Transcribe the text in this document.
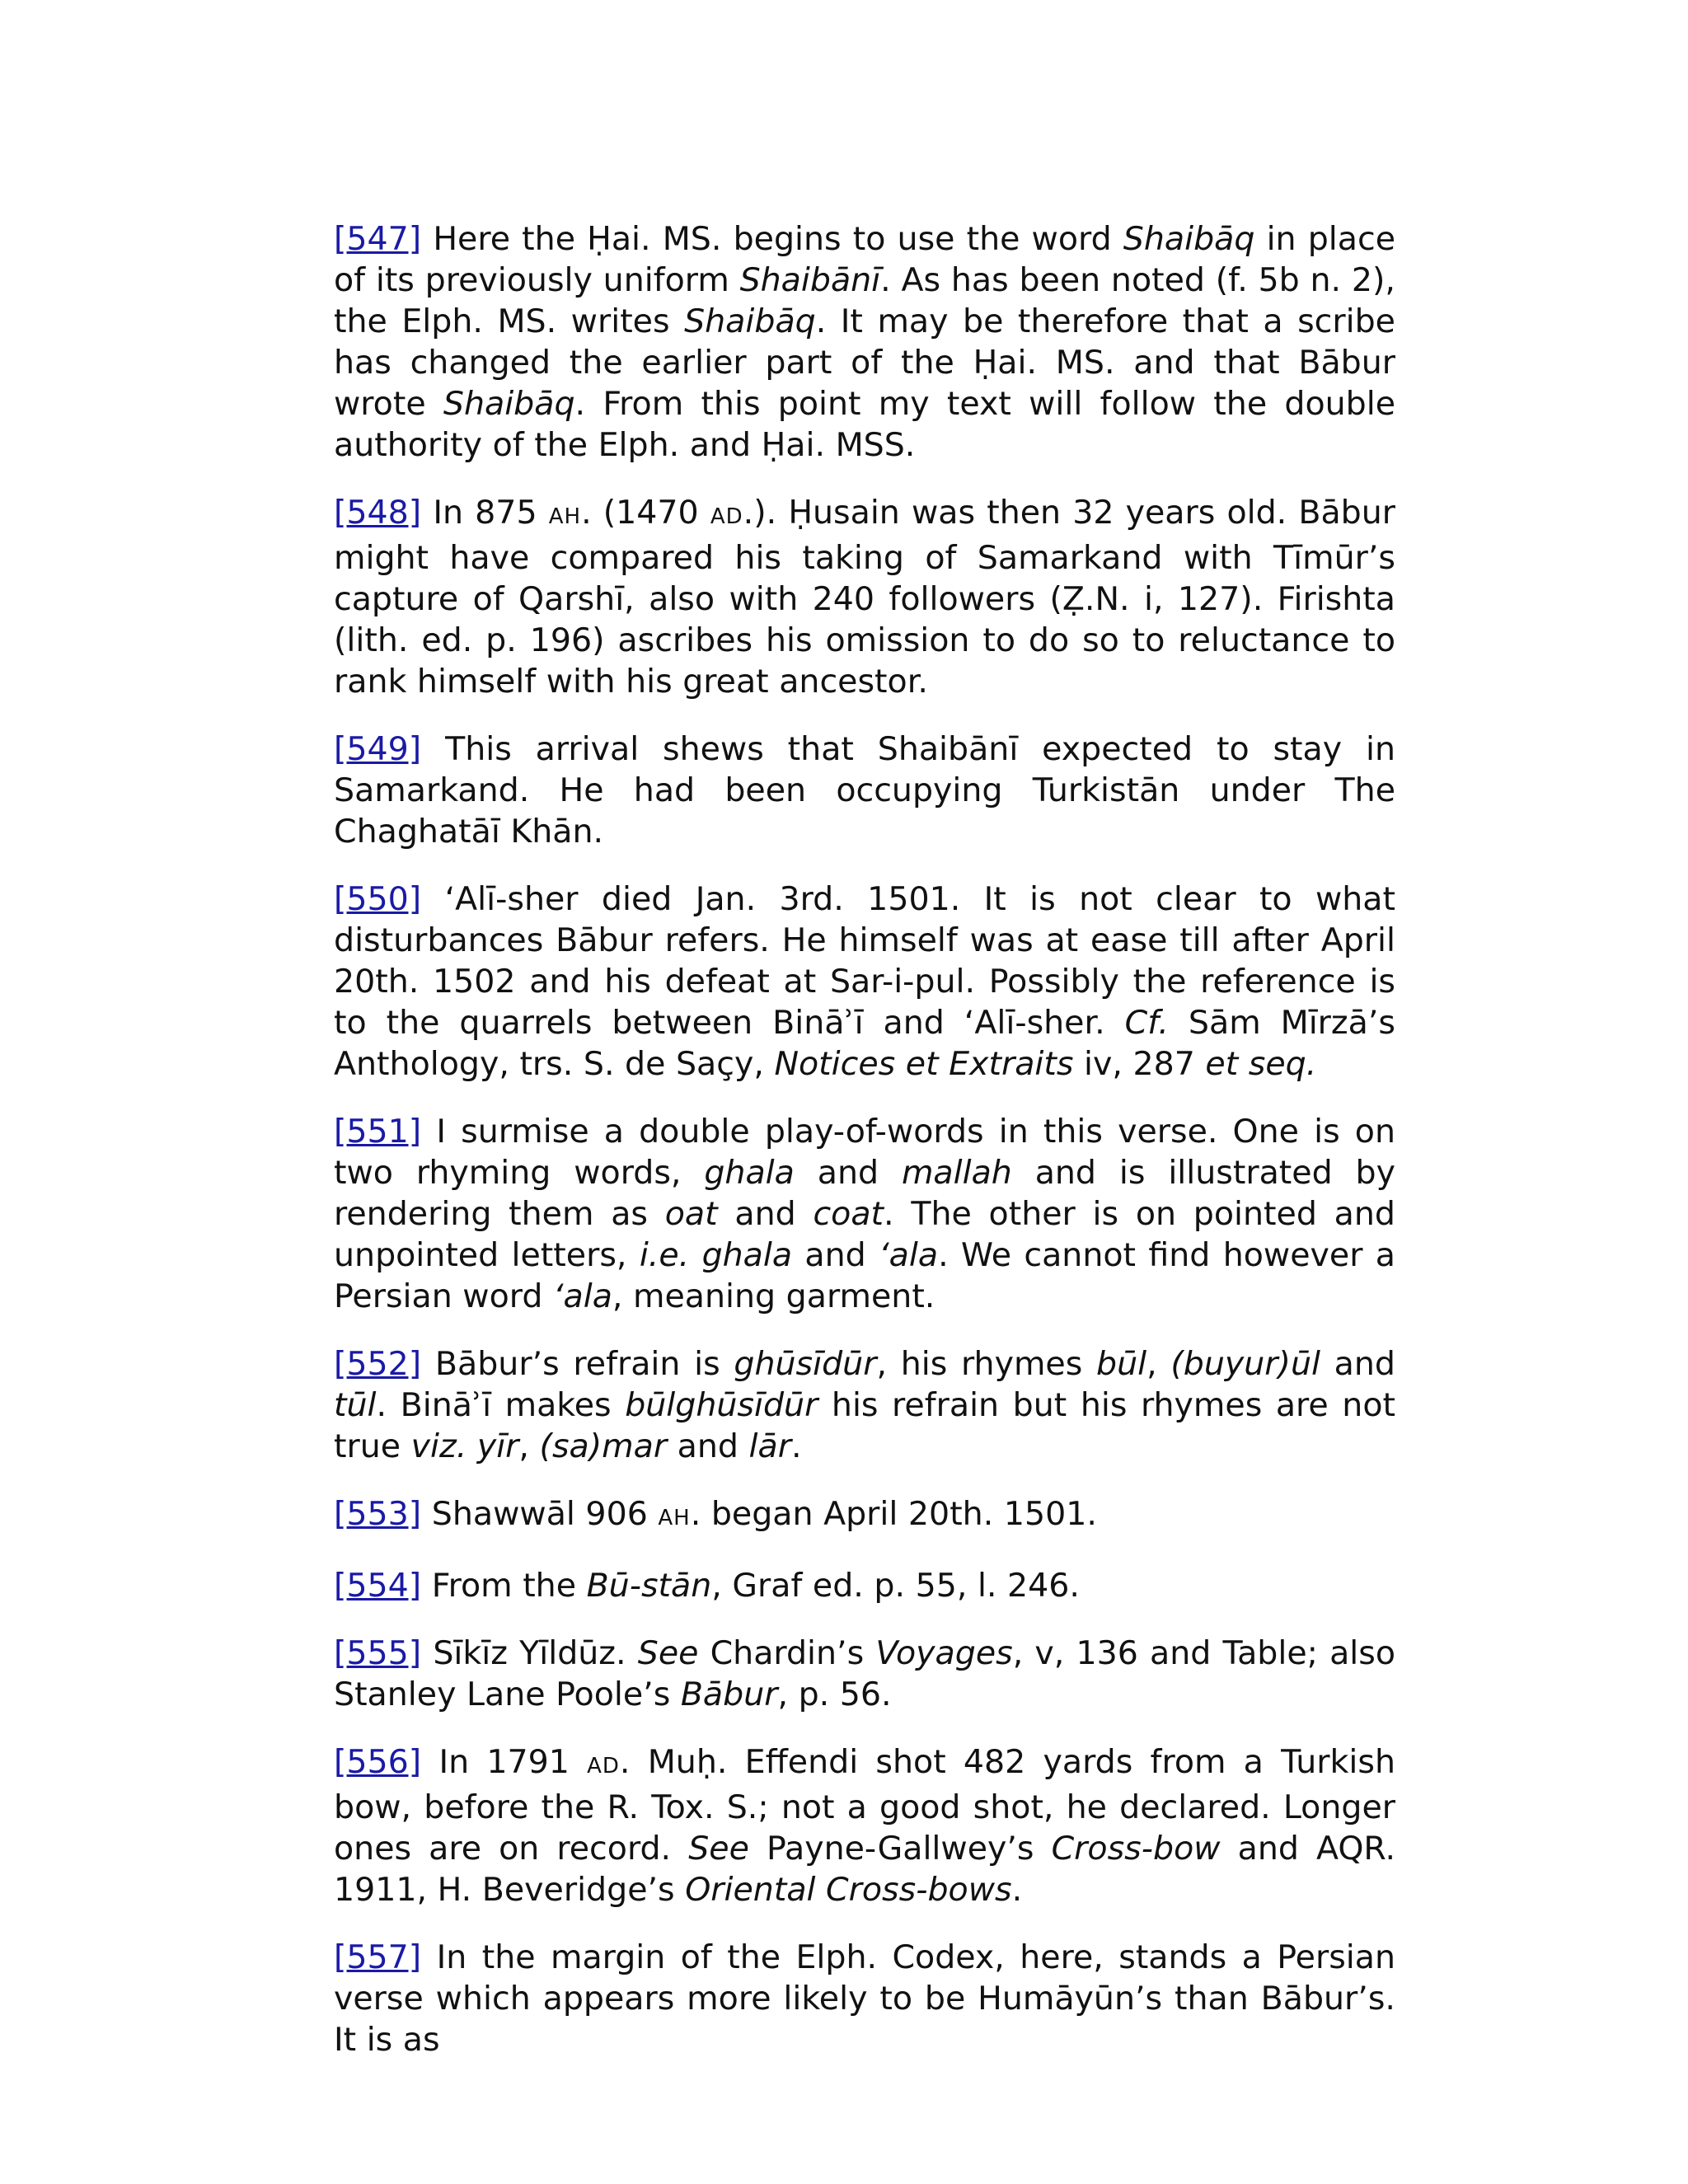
[547] Here the Ḥai. MS. begins to use the word Shaibāq in place of its previously uniform Shaibānī. As has been noted (f. 5b n. 2), the Elph. MS. writes Shaibāq. It may be therefore that a scribe has changed the earlier part of the Ḥai. MS. and that Bābur wrote Shaibāq. From this point my text will follow the double authority of the Elph. and Ḥai. MSS.

[548] In 875 AH. (1470 AD.). Ḥusain was then 32 years old. Bābur might have compared his taking of Samarkand with Tīmūr’s capture of Qarshī, also with 240 followers (Ẓ.N. i, 127). Firishta (lith. ed. p. 196) ascribes his omission to do so to reluctance to rank himself with his great ancestor.

[549] This arrival shews that Shaibānī expected to stay in Samarkand. He had been occupying Turkistān under The Chaghatāī Khān.

[550] ‘Alī-sher died Jan. 3rd. 1501. It is not clear to what disturbances Bābur refers. He himself was at ease till after April 20th. 1502 and his defeat at Sar-i-pul. Possibly the reference is to the quarrels between Bināʾī and ‘Alī-sher. Cf. Sām Mīrzā’s Anthology, trs. S. de Saçy, Notices et Extraits iv, 287 et seq.

[551] I surmise a double play-of-words in this verse. One is on two rhyming words, ghala and mallah and is illustrated by rendering them as oat and coat. The other is on pointed and unpointed letters, i.e. ghala and ‘ala. We cannot find however a Persian word ‘ala, meaning garment.

[552] Bābur’s refrain is ghūsīdūr, his rhymes būl, (buyur)ūl and tūl. Bināʾī makes būlghūsīdūr his refrain but his rhymes are not true viz. yīr, (sa)mar and lār.

[553] Shawwāl 906 AH. began April 20th. 1501.

[554] From the Bū-stān, Graf ed. p. 55, l. 246.

[555] Sīkīz Yīldūz. See Chardin’s Voyages, v, 136 and Table; also Stanley Lane Poole’s Bābur, p. 56.

[556] In 1791 AD. Muḥ. Effendi shot 482 yards from a Turkish bow, before the R. Tox. S.; not a good shot, he declared. Longer ones are on record. See Payne-Gallwey’s Cross-bow and AQR. 1911, H. Beveridge’s Oriental Cross-bows.

[557] In the margin of the Elph. Codex, here, stands a Persian verse which appears more likely to be Humāyūn’s than Bābur’s. It is as
